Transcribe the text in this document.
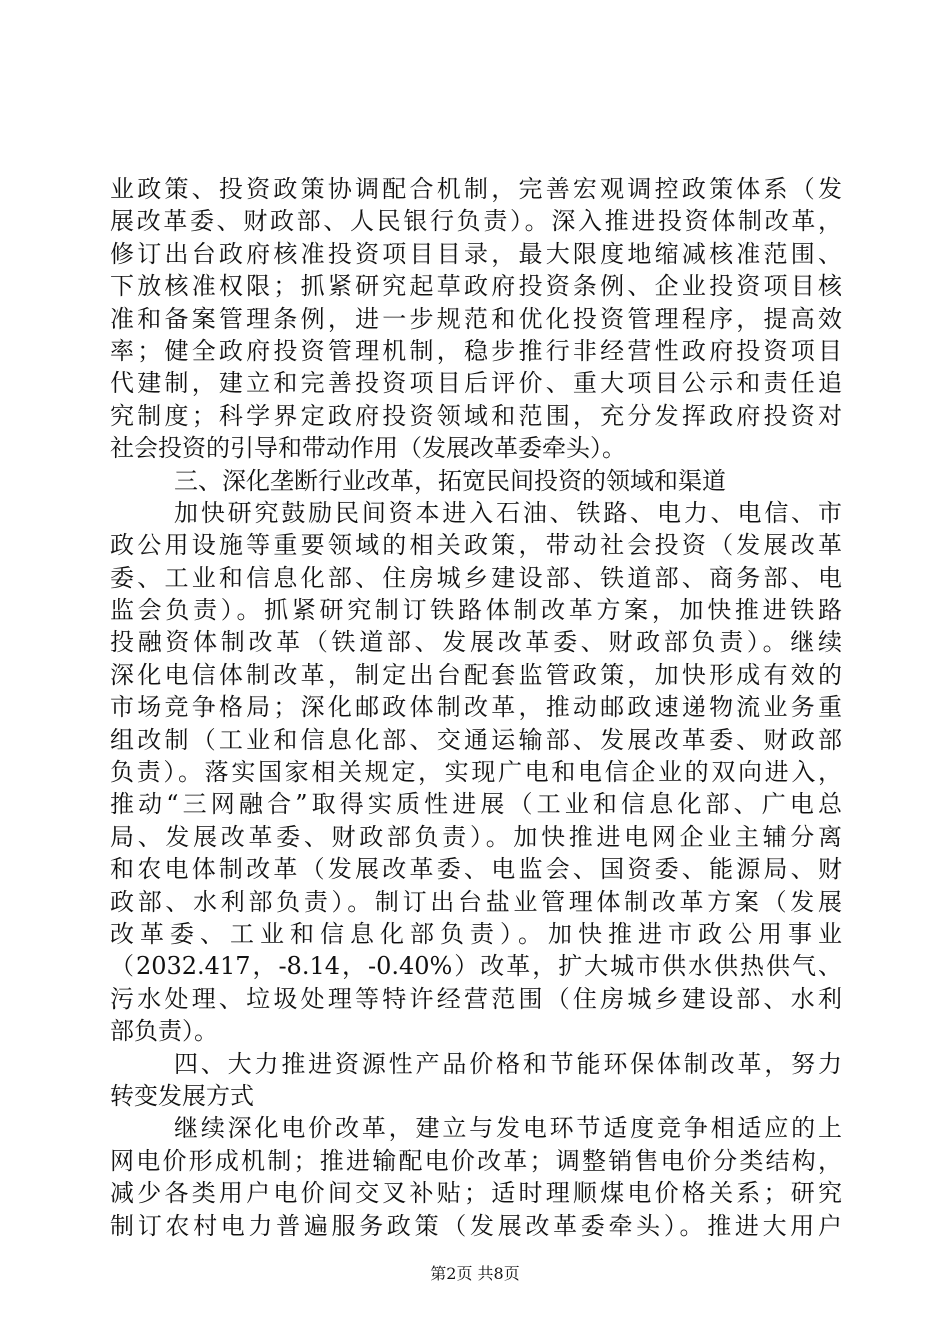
业政策、投资政策协调配合机制，完善宏观调控政策体系（发
展改革委、财政部、人民银行负责）。深入推进投资体制改革，
修订出台政府核准投资项目目录，最大限度地缩减核准范围、
下放核准权限；抓紧研究起草政府投资条例、企业投资项目核
准和备案管理条例，进一步规范和优化投资管理程序，提高效
率；健全政府投资管理机制，稳步推行非经营性政府投资项目
代建制，建立和完善投资项目后评价、重大项目公示和责任追
究制度；科学界定政府投资领域和范围，充分发挥政府投资对
社会投资的引导和带动作用（发展改革委牵头）。
三、深化垄断行业改革，拓宽民间投资的领域和渠道
加快研究鼓励民间资本进入石油、铁路、电力、电信、市
政公用设施等重要领域的相关政策，带动社会投资（发展改革
委、工业和信息化部、住房城乡建设部、铁道部、商务部、电
监会负责）。抓紧研究制订铁路体制改革方案，加快推进铁路
投融资体制改革（铁道部、发展改革委、财政部负责）。继续
深化电信体制改革，制定出台配套监管政策，加快形成有效的
市场竞争格局；深化邮政体制改革，推动邮政速递物流业务重
组改制（工业和信息化部、交通运输部、发展改革委、财政部
负责）。落实国家相关规定，实现广电和电信企业的双向进入，
推动“三网融合”取得实质性进展（工业和信息化部、广电总
局、发展改革委、财政部负责）。加快推进电网企业主辅分离
和农电体制改革（发展改革委、电监会、国资委、能源局、财
政部、水利部负责）。制订出台盐业管理体制改革方案（发展
改革委、工业和信息化部负责）。加快推进市政公用事业
（2032.417，-8.14，-0.40%）改革，扩大城市供水供热供气、
污水处理、垃圾处理等特许经营范围（住房城乡建设部、水利
部负责）。
四、大力推进资源性产品价格和节能环保体制改革，努力
转变发展方式
继续深化电价改革，建立与发电环节适度竞争相适应的上
网电价形成机制；推进输配电价改革；调整销售电价分类结构，
减少各类用户电价间交叉补贴；适时理顺煤电价格关系；研究
制订农村电力普遍服务政策（发展改革委牵头）。推进大用户
第2页 共8页
